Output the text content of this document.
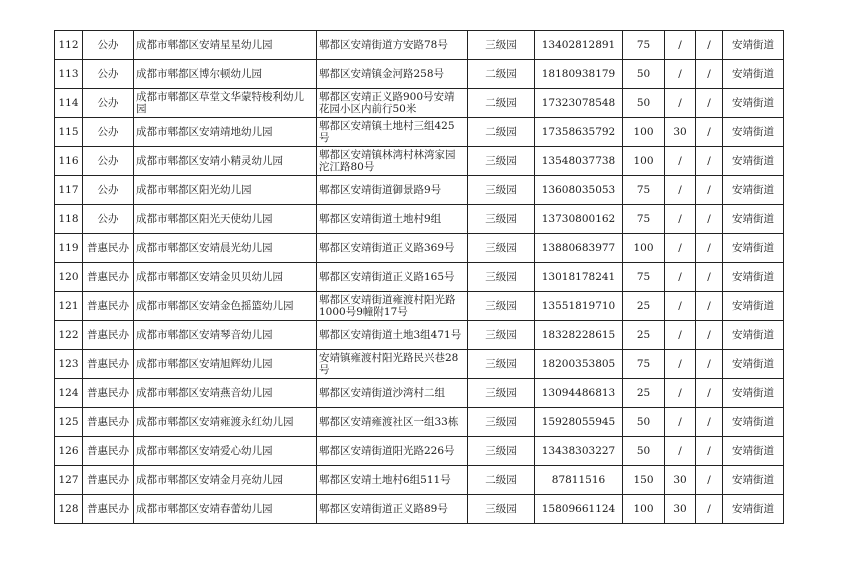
112	公办	成都市郫都区安靖星星幼儿园	郫都区安靖街道方安路78号	三级园	13402812891	75	/	/	安靖街道
113	公办	成都市郫都区博尔顿幼儿园	郫都区安靖镇金河路258号	二级园	18180938179	50	/	/	安靖街道
114	公办	成都市郫都区草堂文华蒙特梭利幼儿园	郫都区安靖正义路900号安靖花园小区内前行50米	二级园	17323078548	50	/	/	安靖街道
115	公办	成都市郫都区安靖靖地幼儿园	郫都区安靖镇土地村三组425号	二级园	17358635792	100	30	/	安靖街道
116	公办	成都市郫都区安靖小精灵幼儿园	郫都区安靖镇林湾村林湾家园沱江路80号	三级园	13548037738	100	/	/	安靖街道
117	公办	成都市郫都区阳光幼儿园	郫都区安靖街道御景路9号	三级园	13608035053	75	/	/	安靖街道
118	公办	成都市郫都区阳光天使幼儿园	郫都区安靖街道土地村9组	三级园	13730800162	75	/	/	安靖街道
119	普惠民办	成都市郫都区安靖晨光幼儿园	郫都区安靖街道正义路369号	三级园	13880683977	100	/	/	安靖街道
120	普惠民办	成都市郫都区安靖金贝贝幼儿园	郫都区安靖街道正义路165号	三级园	13018178241	75	/	/	安靖街道
121	普惠民办	成都市郫都区安靖金色摇篮幼儿园	郫都区安靖街道雍渡村阳光路1000号9幢附17号	三级园	13551819710	25	/	/	安靖街道
122	普惠民办	成都市郫都区安靖琴音幼儿园	郫都区安靖街道土地3组471号	三级园	18328228615	25	/	/	安靖街道
123	普惠民办	成都市郫都区安靖旭辉幼儿园	安靖镇雍渡村阳光路民兴巷28号	三级园	18200353805	75	/	/	安靖街道
124	普惠民办	成都市郫都区安靖燕音幼儿园	郫都区安靖街道沙湾村二组	三级园	13094486813	25	/	/	安靖街道
125	普惠民办	成都市郫都区安靖雍渡永红幼儿园	郫都区安靖雍渡社区一组33栋	三级园	15928055945	50	/	/	安靖街道
126	普惠民办	成都市郫都区安靖爱心幼儿园	郫都区安靖街道阳光路226号	三级园	13438303227	50	/	/	安靖街道
127	普惠民办	成都市郫都区安靖金月亮幼儿园	郫都区安靖土地村6组511号	二级园	87811516	150	30	/	安靖街道
128	普惠民办	成都市郫都区安靖春蕾幼儿园	郫都区安靖街道正义路89号	三级园	15809661124	100	30	/	安靖街道
